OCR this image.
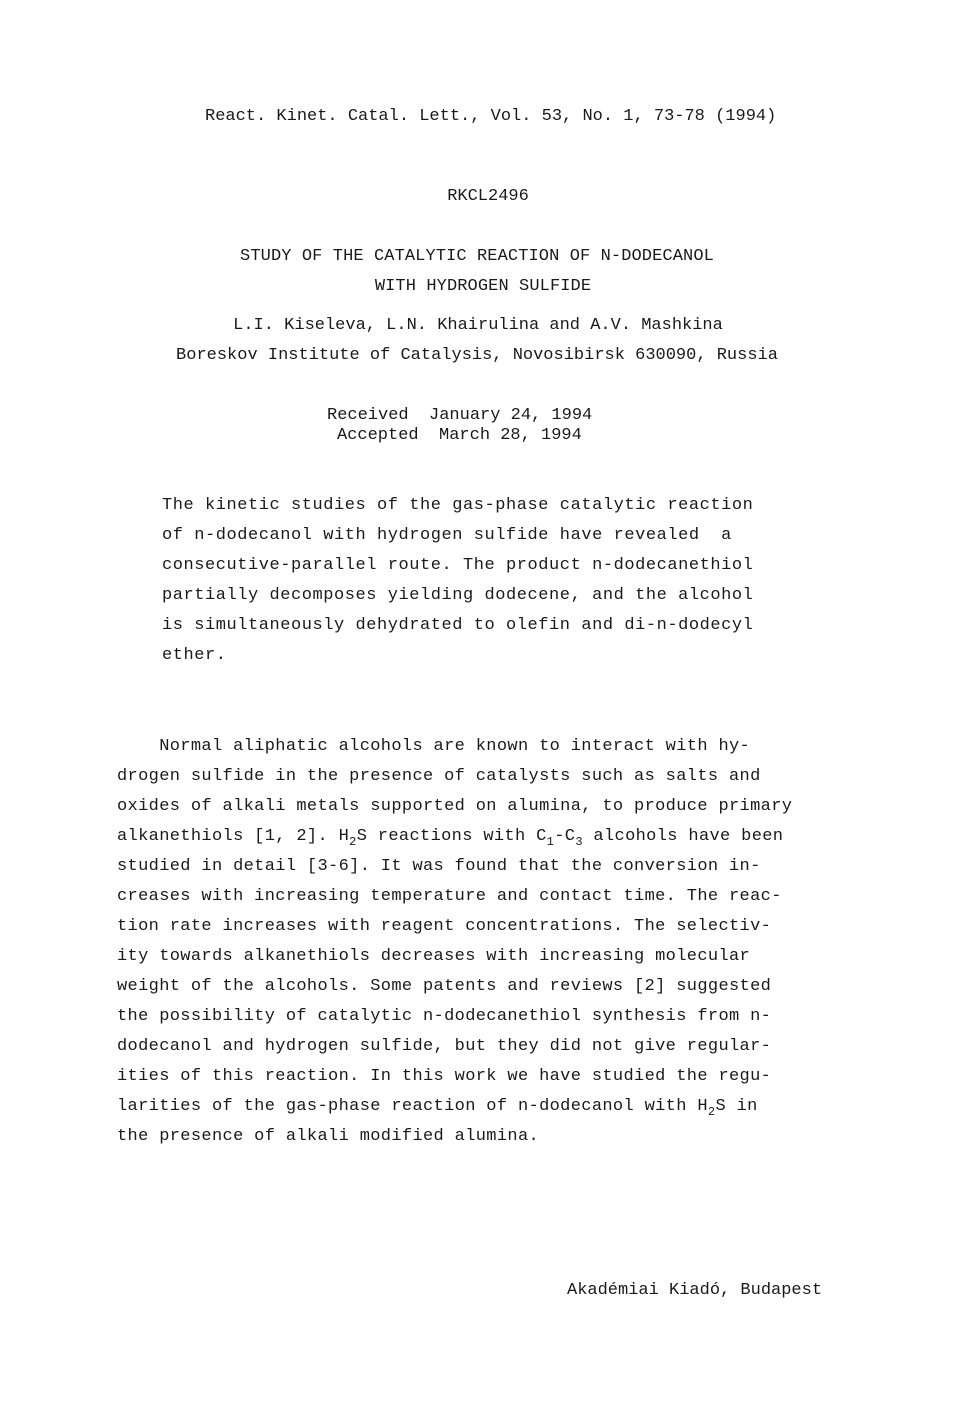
React. Kinet. Catal. Lett., Vol. 53, No. 1, 73-78 (1994)
RKCL2496
STUDY OF THE CATALYTIC REACTION OF N-DODECANOL
WITH HYDROGEN SULFIDE
L.I. Kiseleva, L.N. Khairulina and A.V. Mashkina
Boreskov Institute of Catalysis, Novosibirsk 630090, Russia
Received  January 24, 1994
Accepted  March 28, 1994
The kinetic studies of the gas-phase catalytic reaction
of n-dodecanol with hydrogen sulfide have revealed  a
consecutive-parallel route. The product n-dodecanethiol
partially decomposes yielding dodecene, and the alcohol
is simultaneously dehydrated to olefin and di-n-dodecyl
ether.
Normal aliphatic alcohols are known to interact with hy-
drogen sulfide in the presence of catalysts such as salts and
oxides of alkali metals supported on alumina, to produce primary
alkanethiols [1, 2]. $H_2S$ reactions with $C_1-C_3$ alcohols have been
studied in detail [3-6]. It was found that the conversion in-
creases with increasing temperature and contact time. The reac-
tion rate increases with reagent concentrations. The selectiv-
ity towards alkanethiols decreases with increasing molecular
weight of the alcohols. Some patents and reviews [2] suggested
the possibility of catalytic n-dodecanethiol synthesis from n-
dodecanol and hydrogen sulfide, but they did not give regular-
ities of this reaction. In this work we have studied the regu-
larities of the gas-phase reaction of n-dodecanol with $H_2S$ in
the presence of alkali modified alumina.
Akadémiai Kiadó, Budapest
